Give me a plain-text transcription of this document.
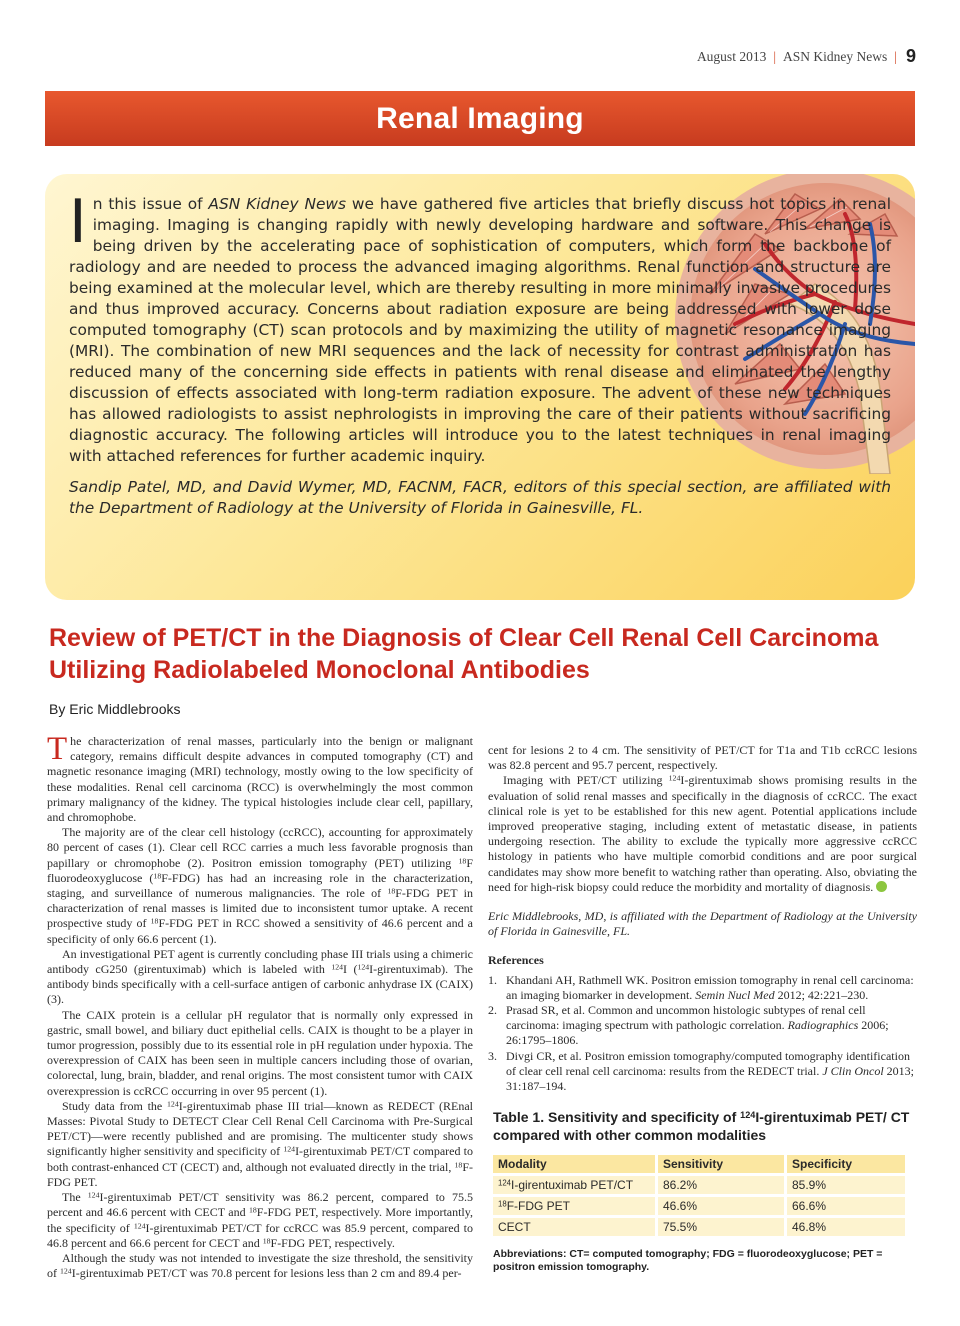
August 2013 | ASN Kidney News | 9
Renal Imaging

In this issue of ASN Kidney News we have gathered five articles that briefly discuss hot topics in renal imaging. Imaging is changing rapidly with newly developing hardware and software. This change is being driven by the accelerating pace of sophistication of computers, which form the backbone of radiology and are needed to process the advanced imaging algorithms. Renal function and structure are being examined at the molecular level, which are thereby resulting in more minimally invasive procedures and thus improved accuracy. Concerns about radiation exposure are being addressed with lower dose computed tomography (CT) scan protocols and by maximizing the utility of magnetic resonance imaging (MRI). The combination of new MRI sequences and the lack of necessity for contrast administration has reduced many of the concerning side effects in patients with renal disease and eliminated the lengthy discussion of effects associated with long-term radiation exposure. The advent of these new techniques has allowed radiologists to assist nephrologists in improving the care of their patients without sacrificing diagnostic accuracy. The following articles will introduce you to the latest techniques in renal imaging with attached references for further academic inquiry.

Sandip Patel, MD, and David Wymer, MD, FACNM, FACR, editors of this special section, are affiliated with the Department of Radiology at the University of Florida in Gainesville, FL.

Review of PET/CT in the Diagnosis of Clear Cell Renal Cell Carcinoma Utilizing Radiolabeled Monoclonal Antibodies
By Eric Middlebrooks

The characterization of renal masses, particularly into the benign or malignant category, remains difficult despite advances in computed tomography (CT) and magnetic resonance imaging (MRI) technology, mostly owing to the low specificity of these modalities. Renal cell carcinoma (RCC) is overwhelmingly the most common primary malignancy of the kidney. The typical histologies include clear cell, papillary, and chromophobe.

The majority are of the clear cell histology (ccRCC), accounting for approximately 80 percent of cases (1). Clear cell RCC carries a much less favorable prognosis than papillary or chromophobe (2). Positron emission tomography (PET) utilizing $^{18}$F fluorodeoxyglucose ($^{18}$F-FDG) has had an increasing role in the characterization, staging, and surveillance of numerous malignancies. The role of $^{18}$F-FDG PET in characterization of renal masses is limited due to inconsistent tumor uptake. A recent prospective study of $^{18}$F-FDG PET in RCC showed a sensitivity of 46.6 percent and a specificity of only 66.6 percent (1).

An investigational PET agent is currently concluding phase III trials using a chimeric antibody cG250 (girentuximab) which is labeled with $^{124}$I ($^{124}$I-girentuximab). The antibody binds specifically with a cell-surface antigen of carbonic anhydrase IX (CAIX) (3).

The CAIX protein is a cellular pH regulator that is normally only expressed in gastric, small bowel, and biliary duct epithelial cells. CAIX is thought to be a player in tumor progression, possibly due to its essential role in pH regulation under hypoxia. The overexpression of CAIX has been seen in multiple cancers including those of ovarian, colorectal, lung, brain, bladder, and renal origins. The most consistent tumor with CAIX overexpression is ccRCC occurring in over 95 percent (1).

Study data from the $^{124}$I-girentuximab phase III trial—known as REDECT (REnal Masses: Pivotal Study to DETECT Clear Cell Renal Cell Carcinoma with Pre-Surgical PET/CT)—were recently published and are promising. The multicenter study shows significantly higher sensitivity and specificity of $^{124}$I-girentuximab PET/CT compared to both contrast-enhanced CT (CECT) and, although not evaluated directly in the trial, $^{18}$F-FDG PET.

The $^{124}$I-girentuximab PET/CT sensitivity was 86.2 percent, compared to 75.5 percent and 46.6 percent with CECT and $^{18}$F-FDG PET, respectively. More importantly, the specificity of $^{124}$I-girentuximab PET/CT for ccRCC was 85.9 percent, compared to 46.8 percent and 66.6 percent for CECT and $^{18}$F-FDG PET, respectively.

Although the study was not intended to investigate the size threshold, the sensitivity of $^{124}$I-girentuximab PET/CT was 70.8 percent for lesions less than 2 cm and 89.4 per-

cent for lesions 2 to 4 cm. The sensitivity of PET/CT for T1a and T1b ccRCC lesions was 82.8 percent and 95.7 percent, respectively.

Imaging with PET/CT utilizing $^{124}$I-girentuximab shows promising results in the evaluation of solid renal masses and specifically in the diagnosis of ccRCC. The exact clinical role is yet to be established for this new agent. Potential applications include improved preoperative staging, including extent of metastatic disease, in patients undergoing resection. The ability to exclude the typically more aggressive ccRCC histology in patients who have multiple comorbid conditions and are poor surgical candidates may show more benefit to watching rather than operating. Also, obviating the need for high-risk biopsy could reduce the morbidity and mortality of diagnosis.

Eric Middlebrooks, MD, is affiliated with the Department of Radiology at the University of Florida in Gainesville, FL.

References
1. Khandani AH, Rathmell WK. Positron emission tomography in renal cell carcinoma: an imaging biomarker in development. Semin Nucl Med 2012; 42:221–230.
2. Prasad SR, et al. Common and uncommon histologic subtypes of renal cell carcinoma: imaging spectrum with pathologic correlation. Radiographics 2006; 26:1795–1806.
3. Divgi CR, et al. Positron emission tomography/computed tomography identification of clear cell renal cell carcinoma: results from the REDECT trial. J Clin Oncol 2013; 31:187–194.
Table 1. Sensitivity and specificity of $^{124}$I-girentuximab PET/ CT compared with other common modalities
Modality	Sensitivity	Specificity
$^{124}$I-girentuximab PET/CT	86.2%	85.9%
$^{18}$F-FDG PET	46.6%	66.6%
CECT	75.5%	46.8%
Abbreviations: CT= computed tomography; FDG = fluorodeoxyglucose; PET = positron emission tomography.
